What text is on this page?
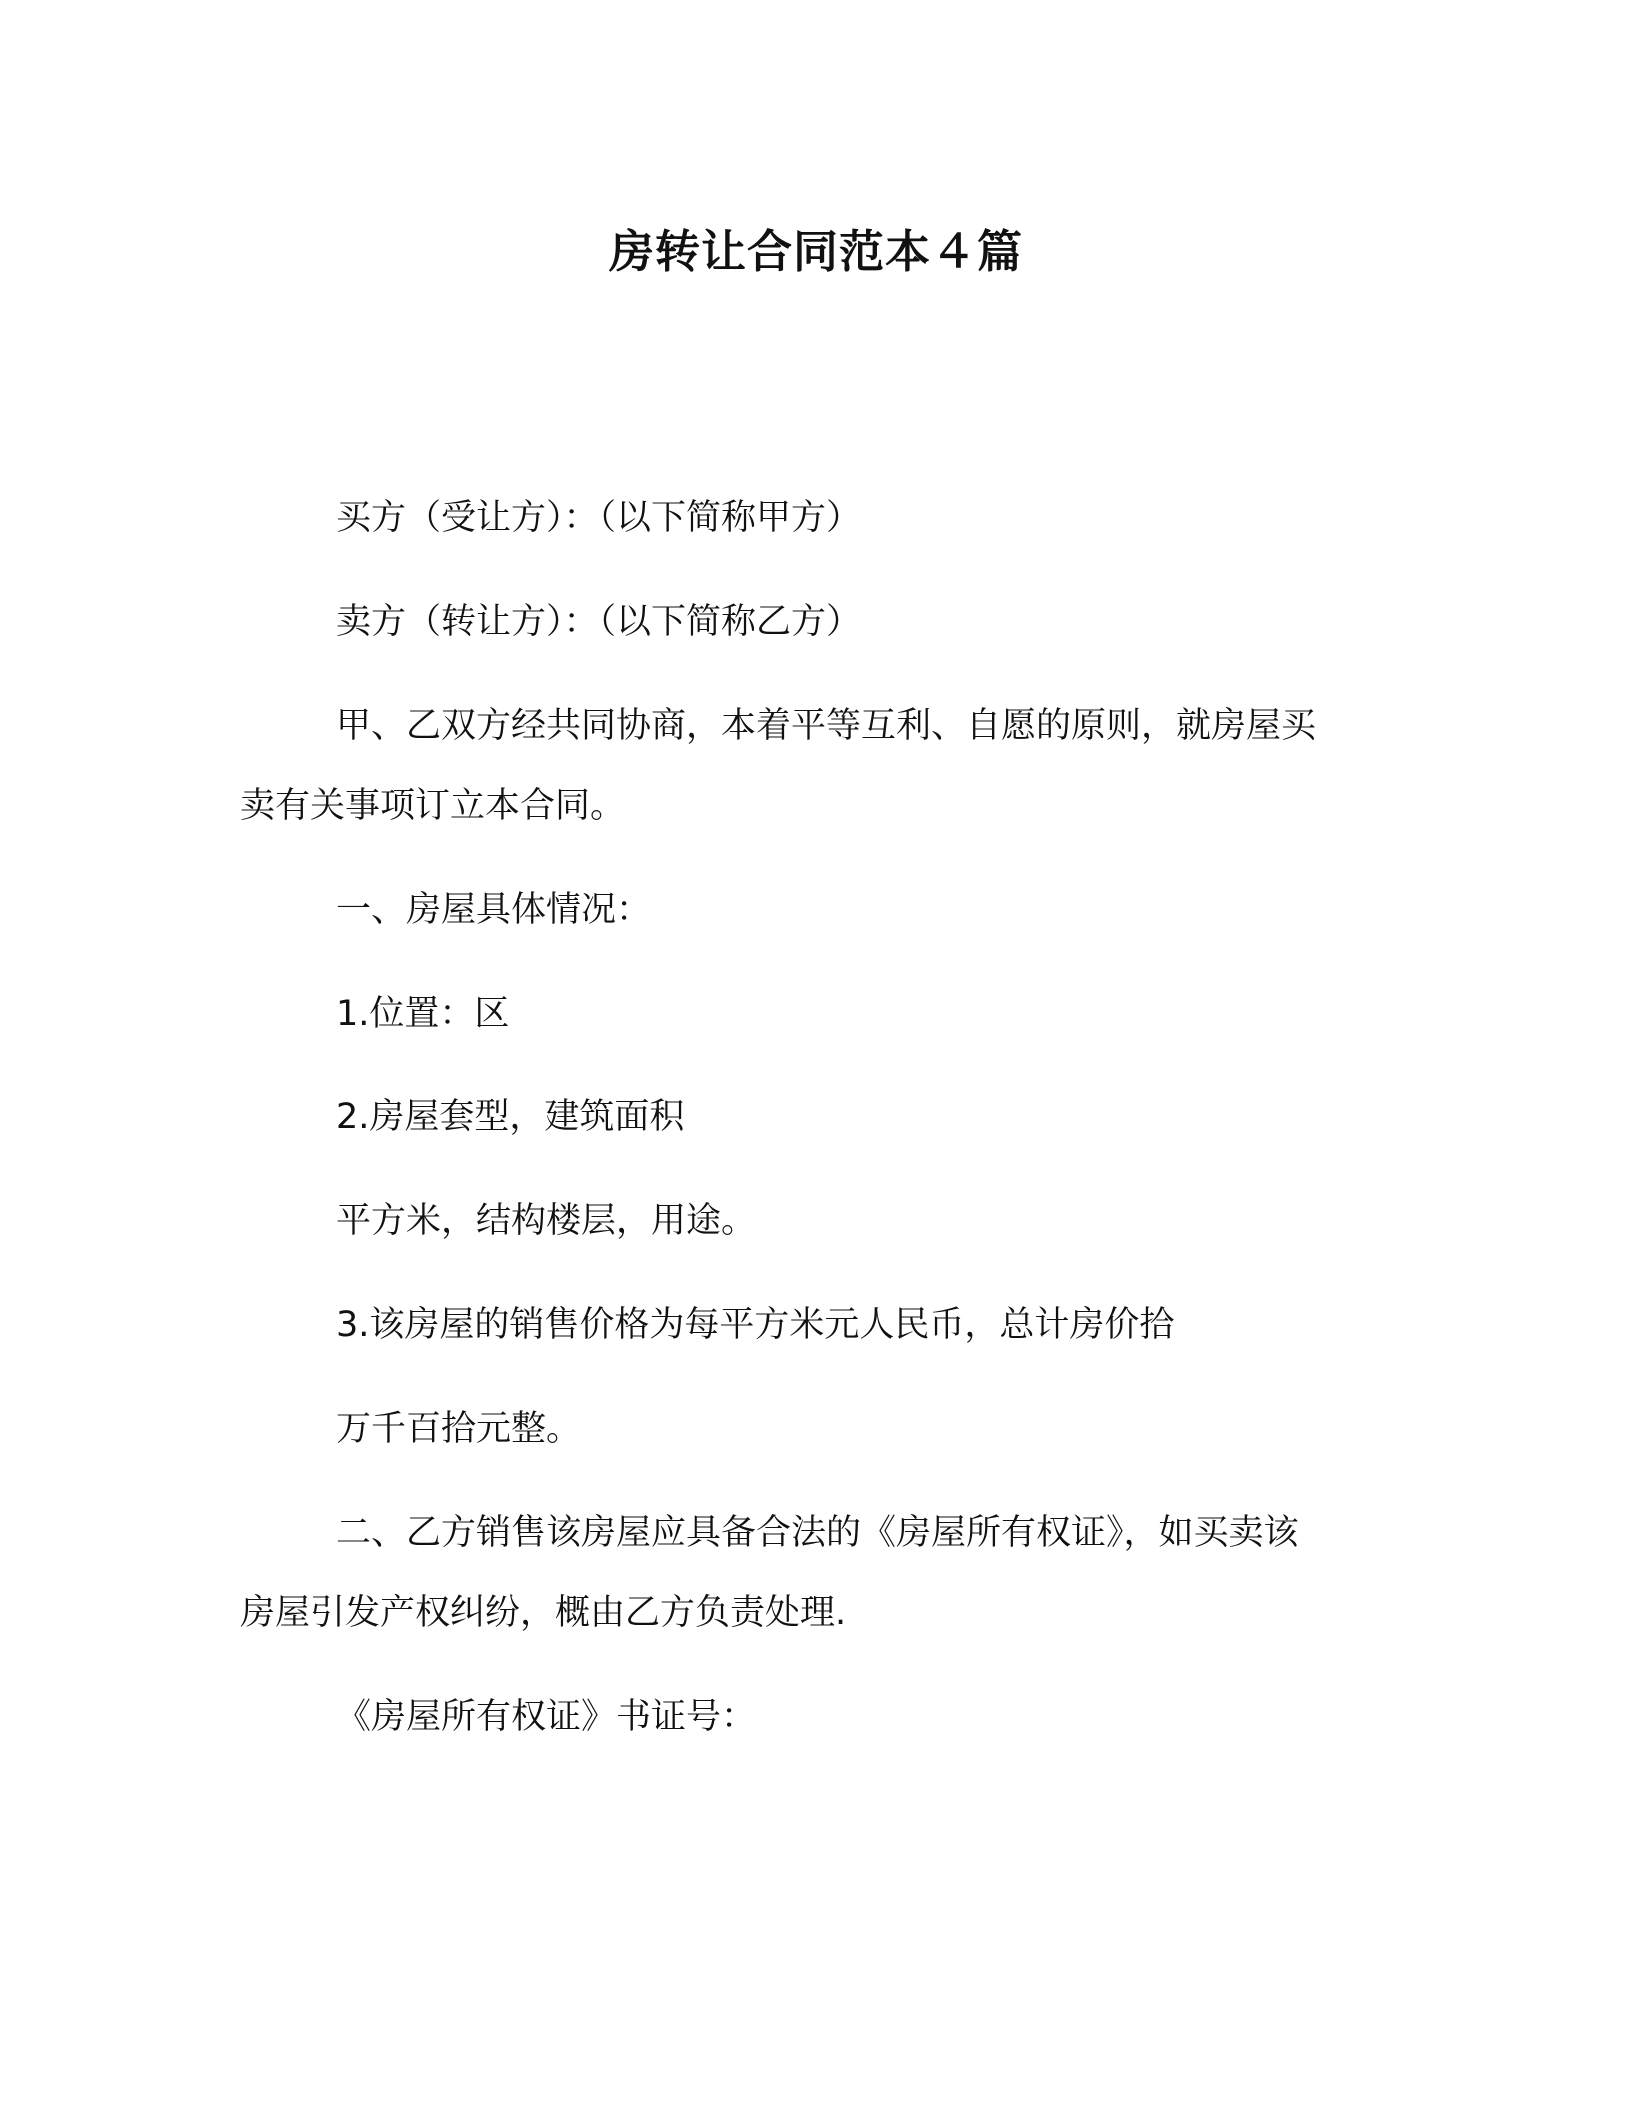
房转让合同范本４篇

买方（受让方）：（以下简称甲方）

卖方（转让方）：（以下简称乙方）

甲、乙双方经共同协商，本着平等互利、自愿的原则，就房屋买
卖有关事项订立本合同。

一、房屋具体情况：

1.位置：区

2.房屋套型，建筑面积

平方米，结构楼层，用途。

3.该房屋的销售价格为每平方米元人民币，总计房价拾

万千百拾元整。

二、乙方销售该房屋应具备合法的《房屋所有权证》，如买卖该
房屋引发产权纠纷，概由乙方负责处理.

《房屋所有权证》书证号：
